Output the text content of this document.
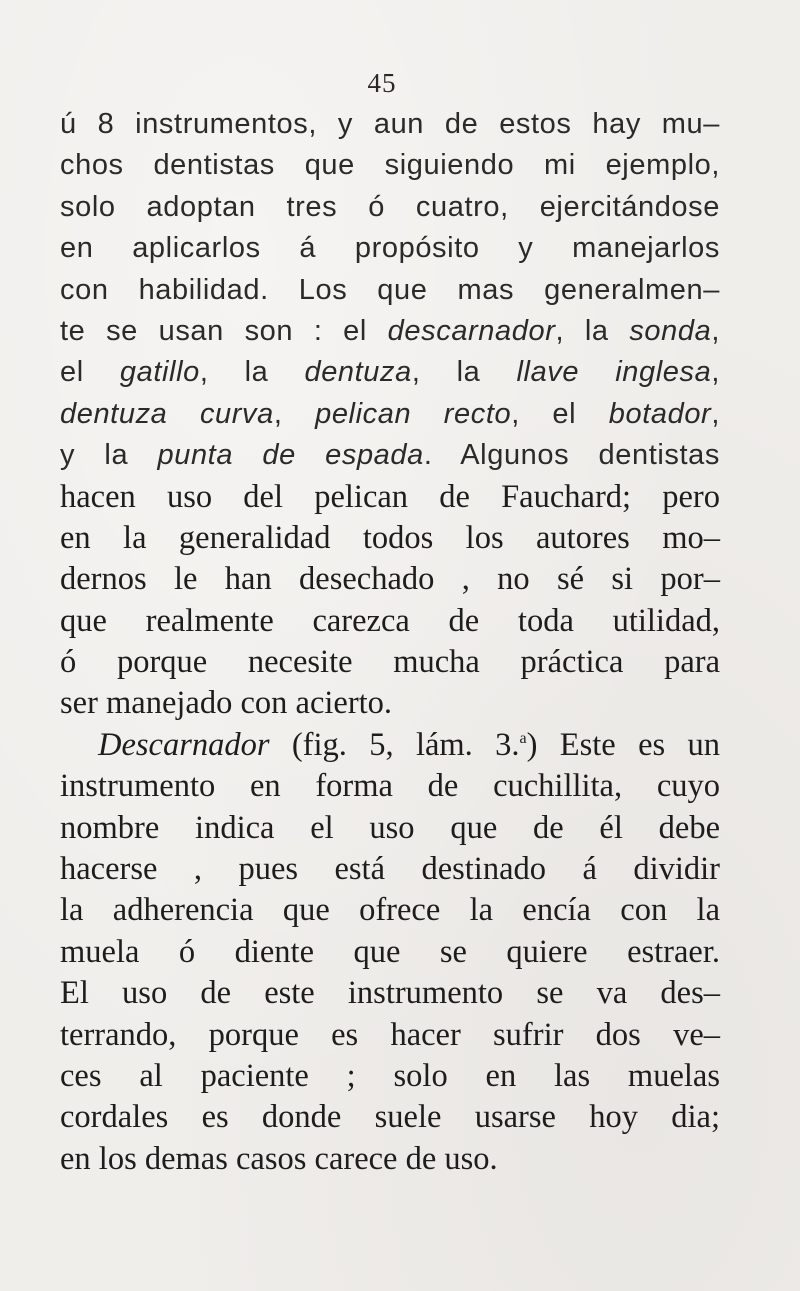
45
ú 8 instrumentos, y aun de estos hay mu–
chos dentistas que siguiendo mi ejemplo,
solo adoptan tres ó cuatro, ejercitándose
en aplicarlos á propósito y manejarlos
con habilidad. Los que mas generalmen–
te se usan son : el descarnador, la sonda,
el gatillo, la dentuza, la llave inglesa,
dentuza curva, pelican recto, el botador,
y la punta de espada. Algunos dentistas
hacen uso del pelican de Fauchard; pero
en la generalidad todos los autores mo–
dernos le han desechado , no sé si por–
que realmente carezca de toda utilidad,
ó porque necesite mucha práctica para
ser manejado con acierto.
Descarnador (fig. 5, lám. 3.$^a$) Este es un
instrumento en forma de cuchillita, cuyo
nombre indica el uso que de él debe
hacerse , pues está destinado á dividir
la adherencia que ofrece la encía con la
muela ó diente que se quiere estraer.
El uso de este instrumento se va des–
terrando, porque es hacer sufrir dos ve–
ces al paciente ; solo en las muelas
cordales es donde suele usarse hoy dia;
en los demas casos carece de uso.
